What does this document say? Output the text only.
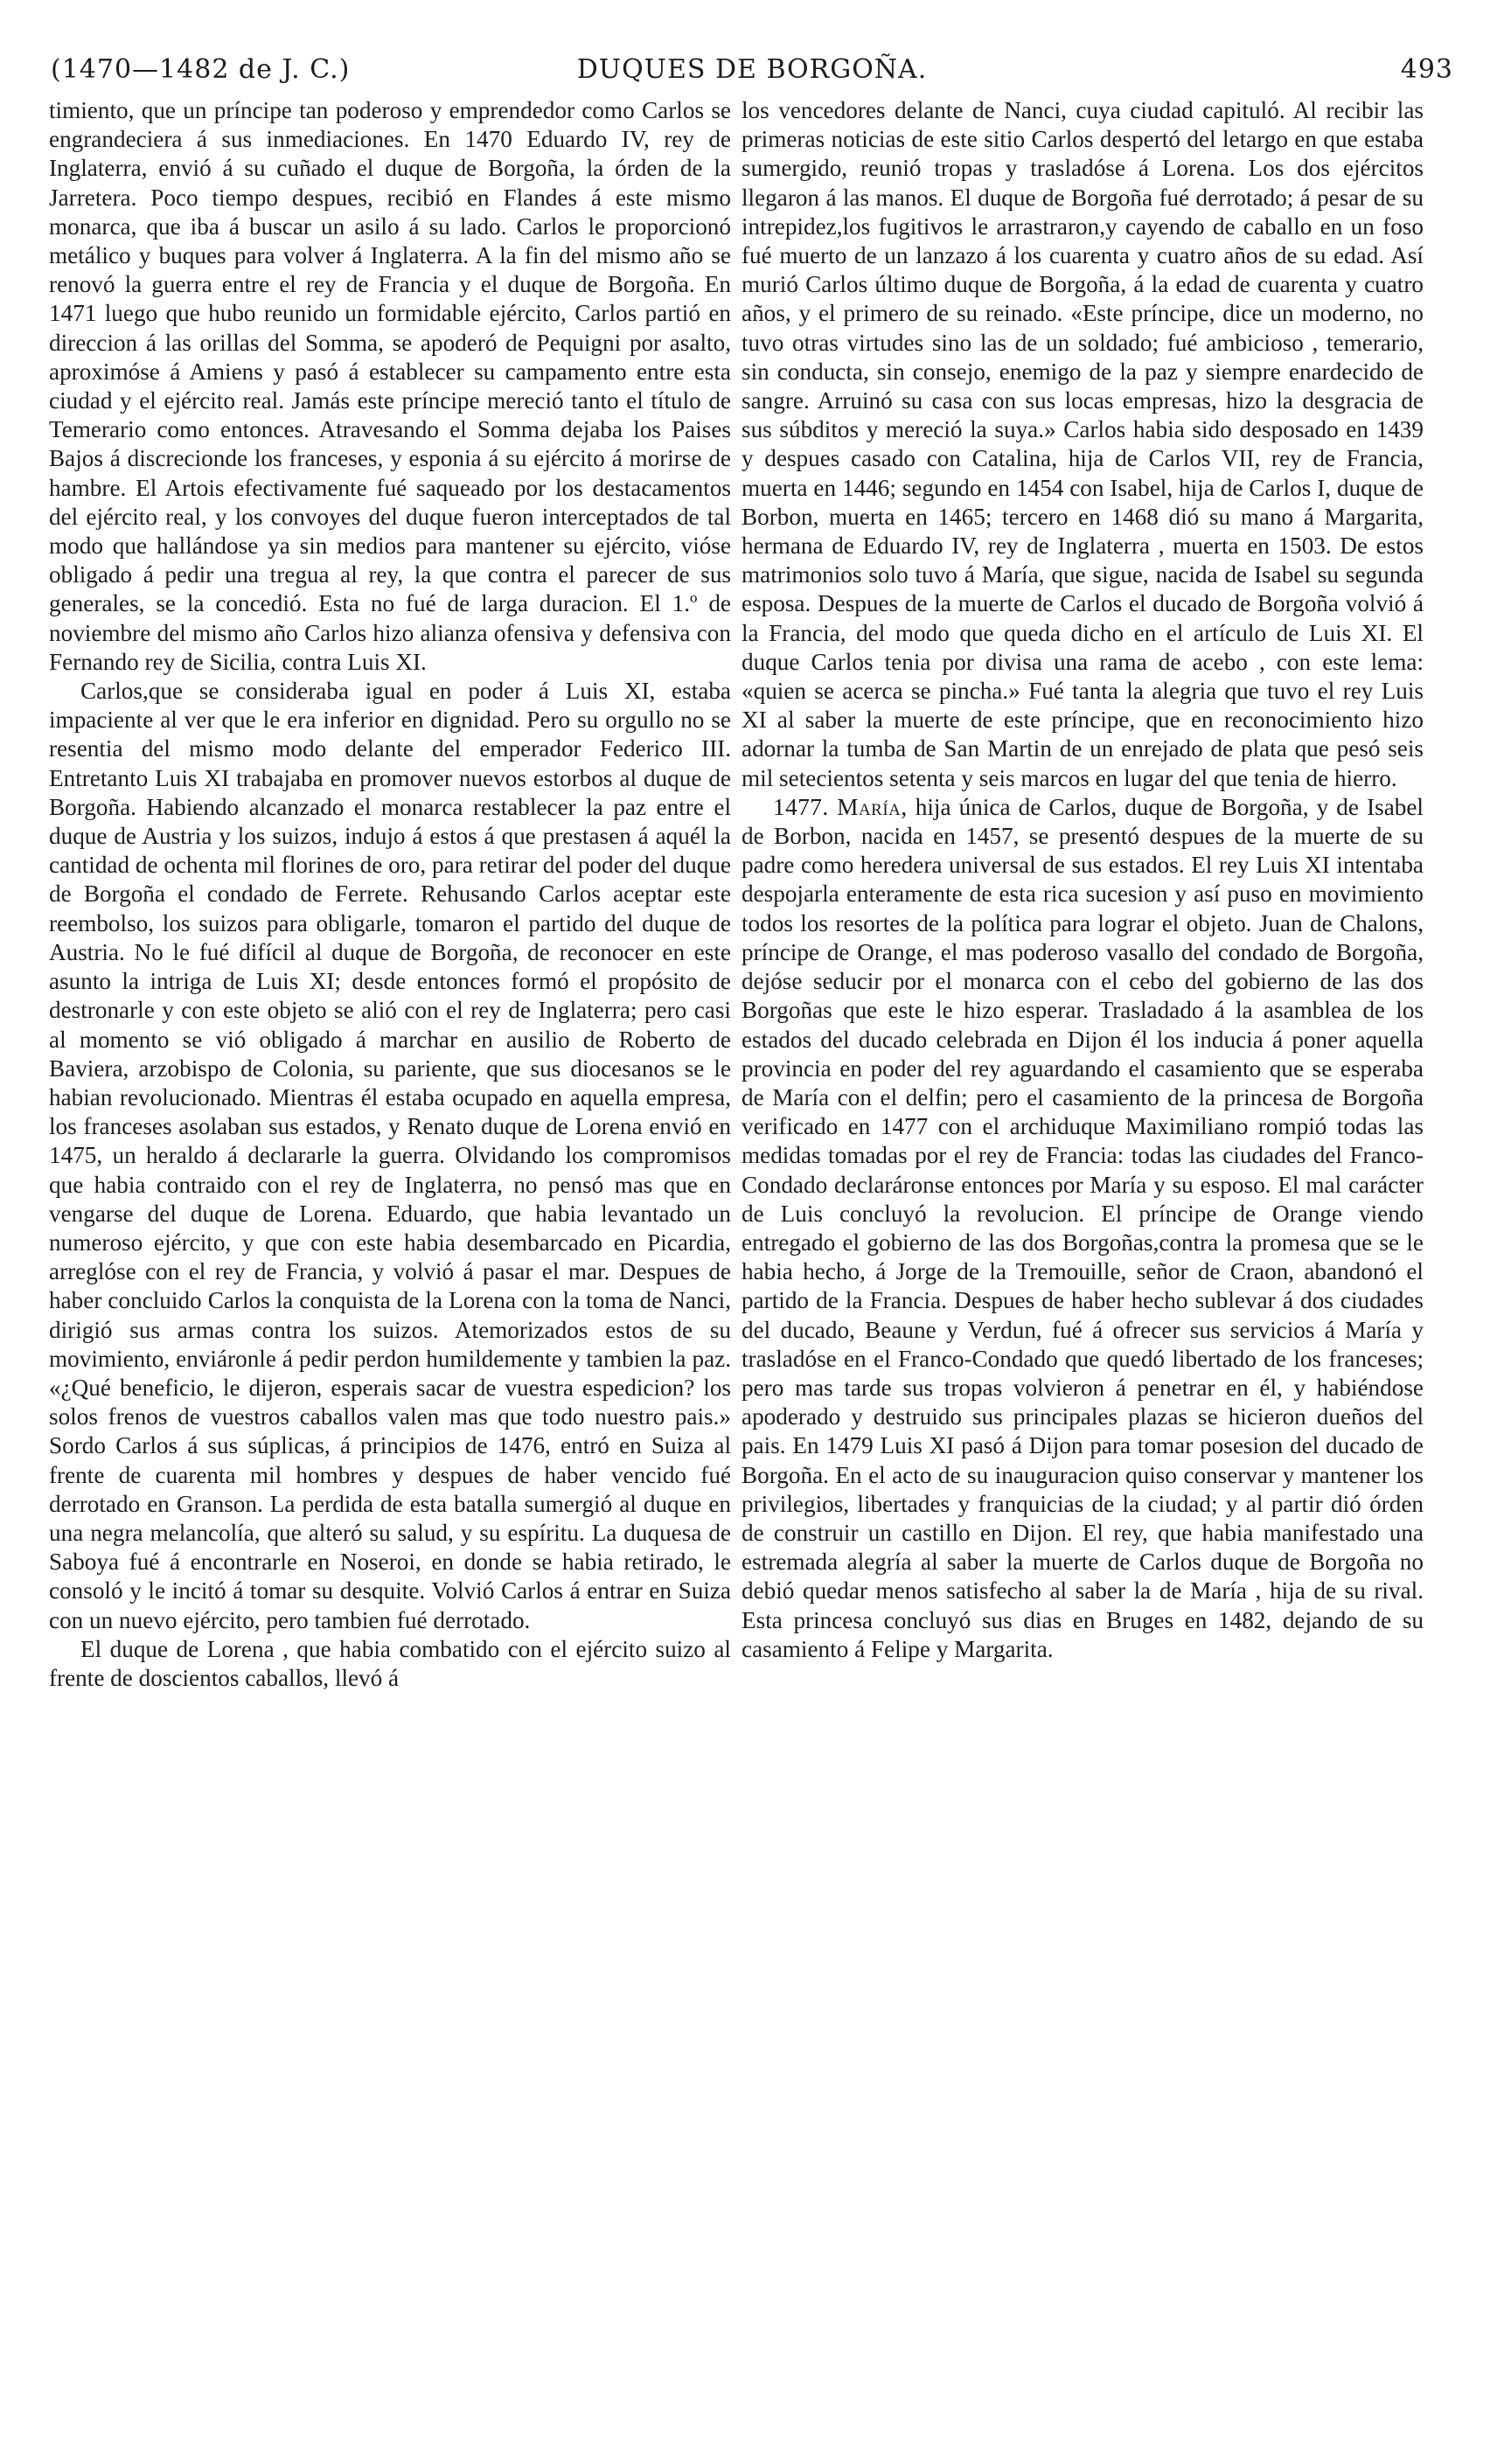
(1470—1482 de J. C.)	DUQUES DE BORGOÑA.	493

timiento, que un príncipe tan poderoso y emprendedor como Carlos se engrandeciera á sus inmediaciones. En 1470 Eduardo IV, rey de Inglaterra, envió á su cuñado el duque de Borgoña, la órden de la Jarretera. Poco tiempo despues, recibió en Flandes á este mismo monarca, que iba á buscar un asilo á su lado. Carlos le proporcionó metálico y buques para volver á Inglaterra. A la fin del mismo año se renovó la guerra entre el rey de Francia y el duque de Borgoña. En 1471 luego que hubo reunido un formidable ejército, Carlos partió en direccion á las orillas del Somma, se apoderó de Pequigni por asalto, aproximóse á Amiens y pasó á establecer su campamento entre esta ciudad y el ejército real. Jamás este príncipe mereció tanto el título de Temerario como entonces. Atravesando el Somma dejaba los Paises Bajos á discrecionde los franceses, y esponia á su ejército á morirse de hambre. El Artois efectivamente fué saqueado por los destacamentos del ejército real, y los convoyes del duque fueron interceptados de tal modo que hallándose ya sin medios para mantener su ejército, vióse obligado á pedir una tregua al rey, la que contra el parecer de sus generales, se la concedió. Esta no fué de larga duracion. El 1.º de noviembre del mismo año Carlos hizo alianza ofensiva y defensiva con Fernando rey de Sicilia, contra Luis XI.

Carlos,que se consideraba igual en poder á Luis XI, estaba impaciente al ver que le era inferior en dignidad. Pero su orgullo no se resentia del mismo modo delante del emperador Federico III. Entretanto Luis XI trabajaba en promover nuevos estorbos al duque de Borgoña. Habiendo alcanzado el monarca restablecer la paz entre el duque de Austria y los suizos, indujo á estos á que prestasen á aquél la cantidad de ochenta mil florines de oro, para retirar del poder del duque de Borgoña el condado de Ferrete. Rehusando Carlos aceptar este reembolso, los suizos para obligarle, tomaron el partido del duque de Austria. No le fué difícil al duque de Borgoña, de reconocer en este asunto la intriga de Luis XI; desde entonces formó el propósito de destronarle y con este objeto se alió con el rey de Inglaterra; pero casi al momento se vió obligado á marchar en ausilio de Roberto de Baviera, arzobispo de Colonia, su pariente, que sus diocesanos se le habian revolucionado. Mientras él estaba ocupado en aquella empresa, los franceses asolaban sus estados, y Renato duque de Lorena envió en 1475, un heraldo á declararle la guerra. Olvidando los compromisos que habia contraido con el rey de Inglaterra, no pensó mas que en vengarse del duque de Lorena. Eduardo, que habia levantado un numeroso ejército, y que con este habia desembarcado en Picardia, arreglóse con el rey de Francia, y volvió á pasar el mar. Despues de haber concluido Carlos la conquista de la Lorena con la toma de Nanci, dirigió sus armas contra los suizos. Atemorizados estos de su movimiento, enviáronle á pedir perdon humildemente y tambien la paz. «¿Qué beneficio, le dijeron, esperais sacar de vuestra espedicion? los solos frenos de vuestros caballos valen mas que todo nuestro pais.» Sordo Carlos á sus súplicas, á principios de 1476, entró en Suiza al frente de cuarenta mil hombres y despues de haber vencido fué derrotado en Granson. La perdida de esta batalla sumergió al duque en una negra melancolía, que alteró su salud, y su espíritu. La duquesa de Saboya fué á encontrarle en Noseroi, en donde se habia retirado, le consoló y le incitó á tomar su desquite. Volvió Carlos á entrar en Suiza con un nuevo ejército, pero tambien fué derrotado.

El duque de Lorena , que habia combatido con el ejército suizo al frente de doscientos caballos, llevó á

los vencedores delante de Nanci, cuya ciudad capituló. Al recibir las primeras noticias de este sitio Carlos despertó del letargo en que estaba sumergido, reunió tropas y trasladóse á Lorena. Los dos ejércitos llegaron á las manos. El duque de Borgoña fué derrotado; á pesar de su intrepidez,los fugitivos le arrastraron,y cayendo de caballo en un foso fué muerto de un lanzazo á los cuarenta y cuatro años de su edad. Así murió Carlos último duque de Borgoña, á la edad de cuarenta y cuatro años, y el primero de su reinado. «Este príncipe, dice un moderno, no tuvo otras virtudes sino las de un soldado; fué ambicioso , temerario, sin conducta, sin consejo, enemigo de la paz y siempre enardecido de sangre. Arruinó su casa con sus locas empresas, hizo la desgracia de sus súbditos y mereció la suya.» Carlos habia sido desposado en 1439 y despues casado con Catalina, hija de Carlos VII, rey de Francia, muerta en 1446; segundo en 1454 con Isabel, hija de Carlos I, duque de Borbon, muerta en 1465; tercero en 1468 dió su mano á Margarita, hermana de Eduardo IV, rey de Inglaterra , muerta en 1503. De estos matrimonios solo tuvo á María, que sigue, nacida de Isabel su segunda esposa. Despues de la muerte de Carlos el ducado de Borgoña volvió á la Francia, del modo que queda dicho en el artículo de Luis XI. El duque Carlos tenia por divisa una rama de acebo , con este lema: «quien se acerca se pincha.» Fué tanta la alegria que tuvo el rey Luis XI al saber la muerte de este príncipe, que en reconocimiento hizo adornar la tumba de San Martin de un enrejado de plata que pesó seis mil setecientos setenta y seis marcos en lugar del que tenia de hierro.

1477. María, hija única de Carlos, duque de Borgoña, y de Isabel de Borbon, nacida en 1457, se presentó despues de la muerte de su padre como heredera universal de sus estados. El rey Luis XI intentaba despojarla enteramente de esta rica sucesion y así puso en movimiento todos los resortes de la política para lograr el objeto. Juan de Chalons, príncipe de Orange, el mas poderoso vasallo del condado de Borgoña, dejóse seducir por el monarca con el cebo del gobierno de las dos Borgoñas que este le hizo esperar. Trasladado á la asamblea de los estados del ducado celebrada en Dijon él los inducia á poner aquella provincia en poder del rey aguardando el casamiento que se esperaba de María con el delfin; pero el casamiento de la princesa de Borgoña verificado en 1477 con el archiduque Maximiliano rompió todas las medidas tomadas por el rey de Francia: todas las ciudades del Franco-Condado declaráronse entonces por María y su esposo. El mal carácter de Luis concluyó la revolucion. El príncipe de Orange viendo entregado el gobierno de las dos Borgoñas,contra la promesa que se le habia hecho, á Jorge de la Tremouille, señor de Craon, abandonó el partido de la Francia. Despues de haber hecho sublevar á dos ciudades del ducado, Beaune y Verdun, fué á ofrecer sus servicios á María y trasladóse en el Franco-Condado que quedó libertado de los franceses; pero mas tarde sus tropas volvieron á penetrar en él, y habiéndose apoderado y destruido sus principales plazas se hicieron dueños del pais. En 1479 Luis XI pasó á Dijon para tomar posesion del ducado de Borgoña. En el acto de su inauguracion quiso conservar y mantener los privilegios, libertades y franquicias de la ciudad; y al partir dió órden de construir un castillo en Dijon. El rey, que habia manifestado una estremada alegría al saber la muerte de Carlos duque de Borgoña no debió quedar menos satisfecho al saber la de María , hija de su rival. Esta princesa concluyó sus dias en Bruges en 1482, dejando de su casamiento á Felipe y Margarita.
